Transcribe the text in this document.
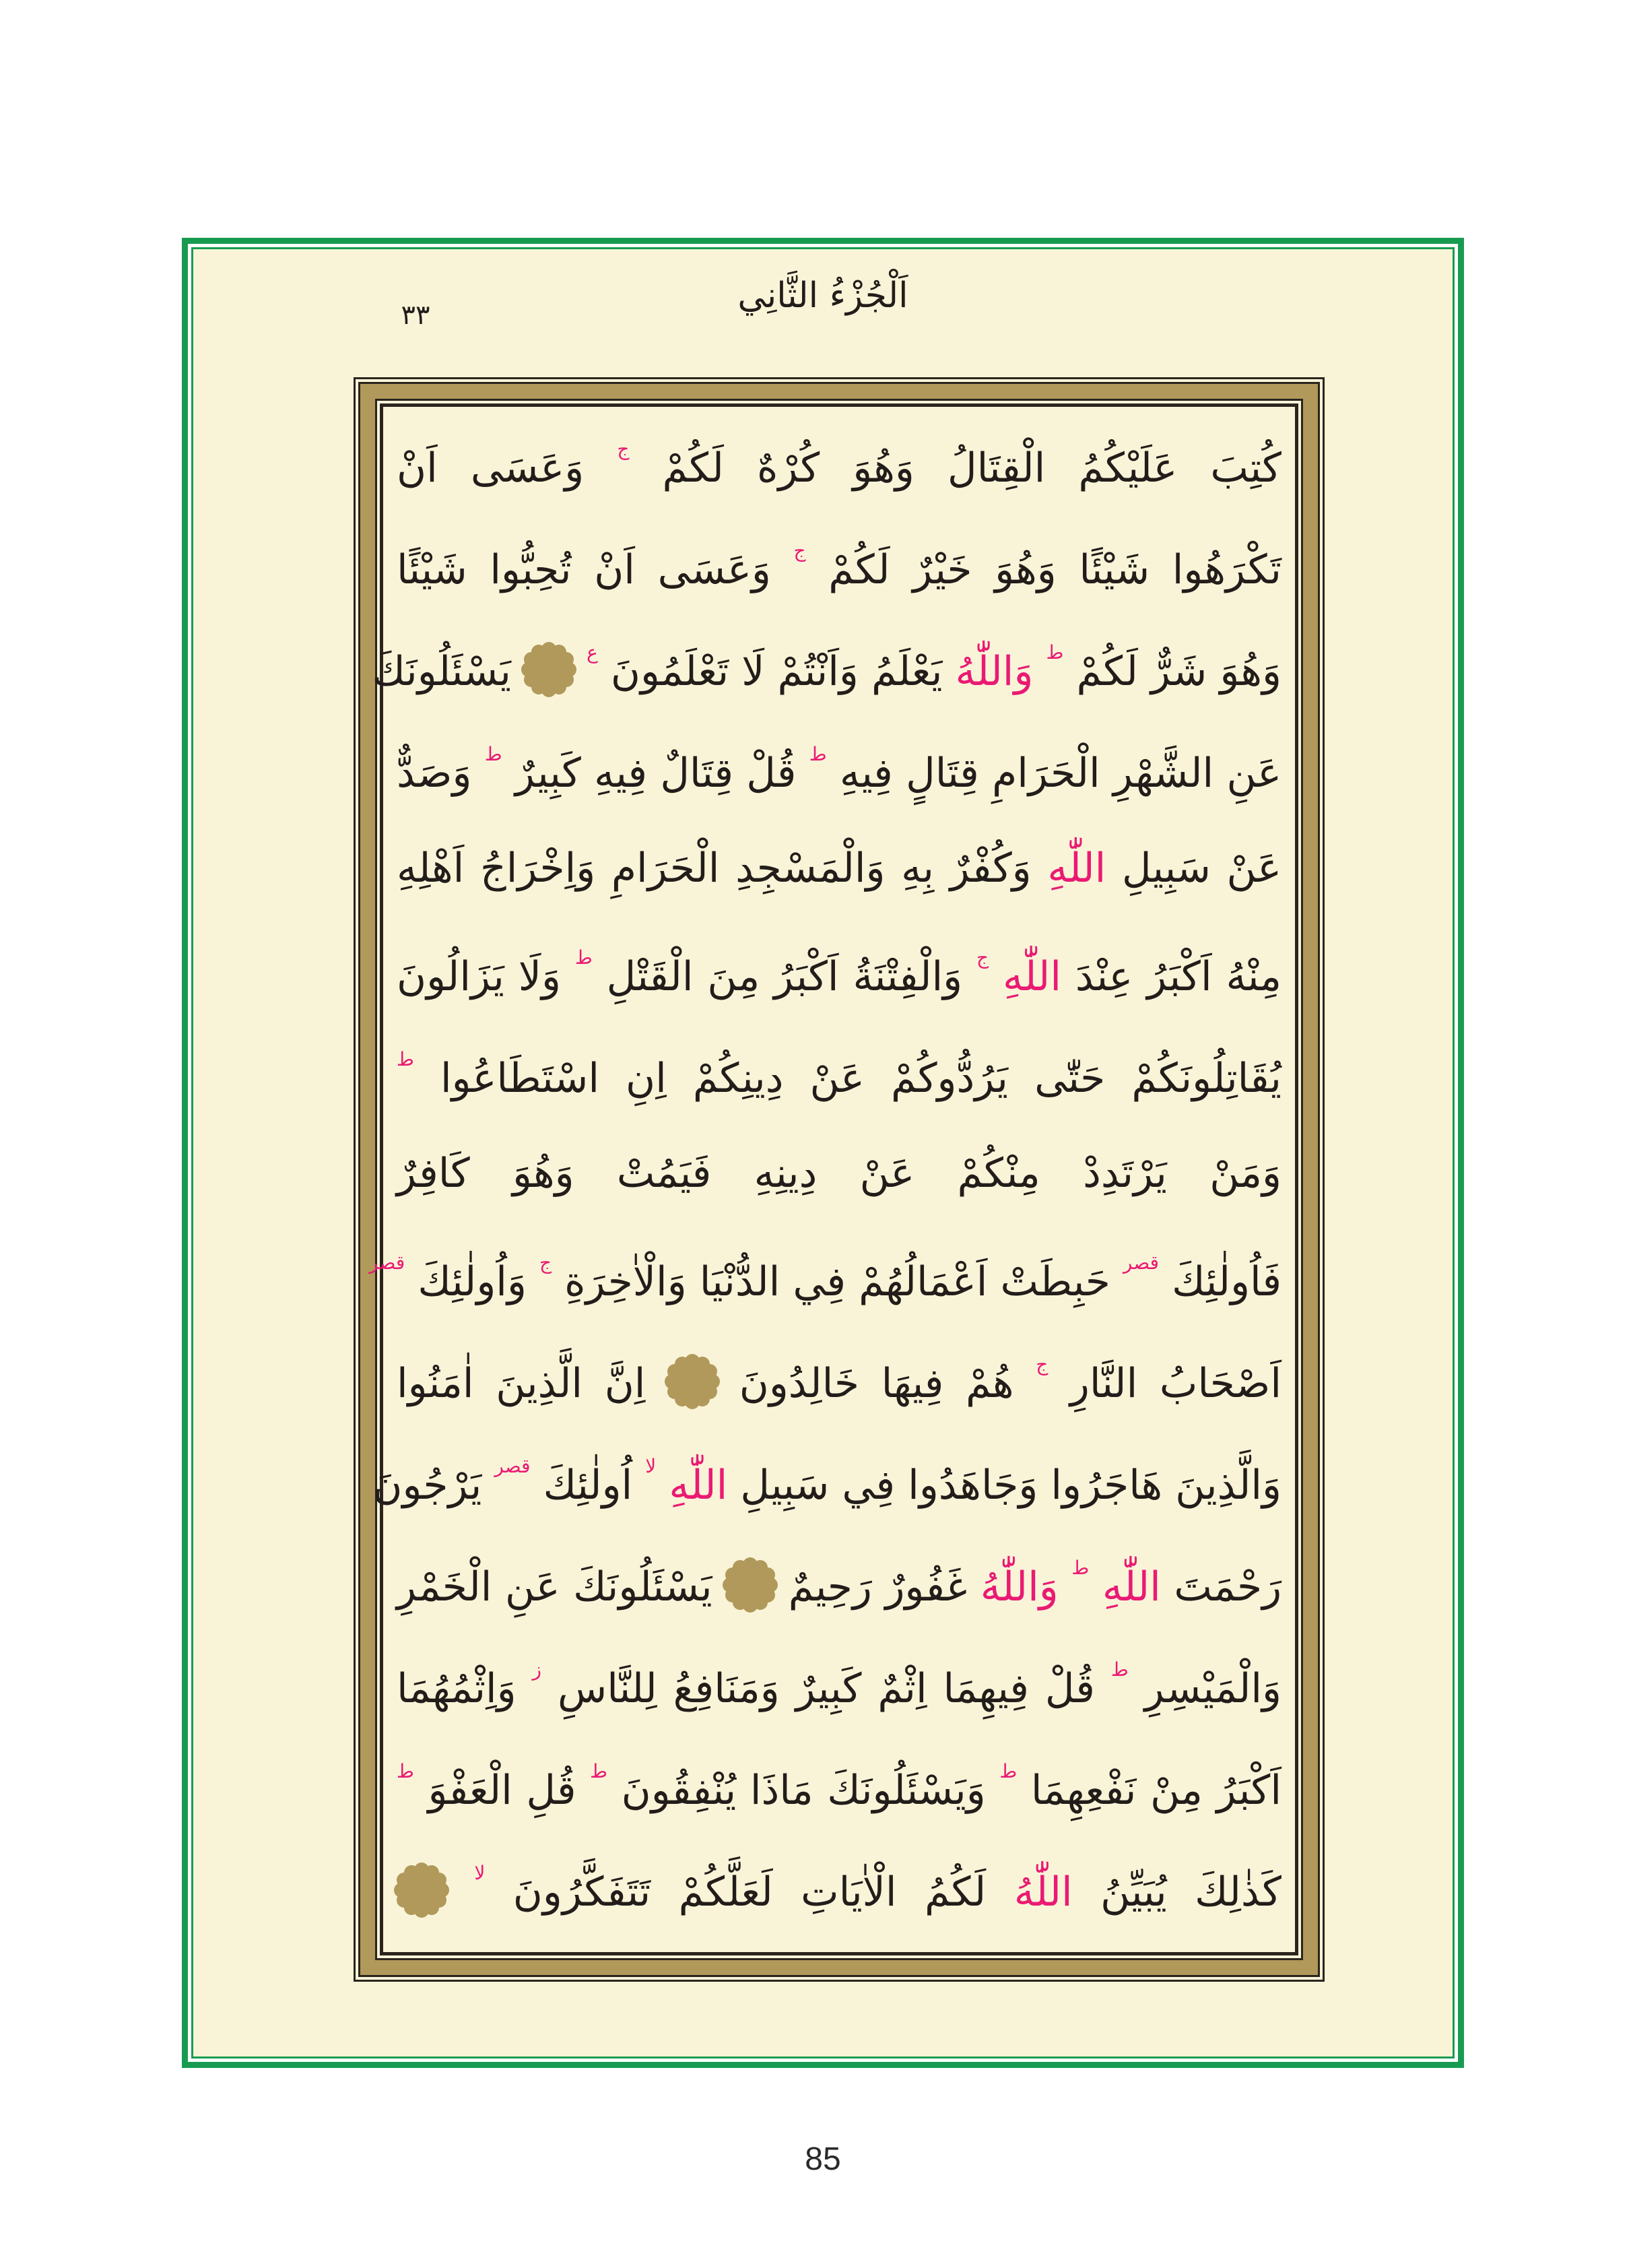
اَلْجُزْءُ الثَّانِي
٣٣
كُتِبَ عَلَيْكُمُ الْقِتَالُ وَهُوَ كُرْهٌ لَكُمْ $^ج$ وَعَسَى اَنْ
تَكْرَهُوا شَيْئًا وَهُوَ خَيْرٌ لَكُمْ $^ج$ وَعَسَى اَنْ تُحِبُّوا شَيْئًا
وَهُوَ شَرٌّ لَكُمْ $^ط$ وَاللّٰهُ يَعْلَمُ وَاَنْتُمْ لَا تَعْلَمُونَ $^ع$ ٢١٦ يَسْئَلُونَكَ
عَنِ الشَّهْرِ الْحَرَامِ قِتَالٍ فِيهِ $^ط$ قُلْ قِتَالٌ فِيهِ كَبِيرٌ $^ط$ وَصَدٌّ
عَنْ سَبِيلِ اللّٰهِ وَكُفْرٌ بِهِ وَالْمَسْجِدِ الْحَرَامِ وَاِخْرَاجُ اَهْلِهِ
مِنْهُ اَكْبَرُ عِنْدَ اللّٰهِ $^ج$ وَالْفِتْنَةُ اَكْبَرُ مِنَ الْقَتْلِ $^ط$ وَلَا يَزَالُونَ
يُقَاتِلُونَكُمْ حَتّٰى يَرُدُّوكُمْ عَنْ دِينِكُمْ اِنِ اسْتَطَاعُوا $^ط$
وَمَنْ يَرْتَدِدْ مِنْكُمْ عَنْ دِينِهِ فَيَمُتْ وَهُوَ كَافِرٌ
فَاُولٰئِكَ $^{قصر}$ حَبِطَتْ اَعْمَالُهُمْ فِي الدُّنْيَا وَالْاٰخِرَةِ $^ج$ وَاُولٰئِكَ $^{قصر}$
اَصْحَابُ النَّارِ $^ج$ هُمْ فِيهَا خَالِدُونَ ٢١٧ اِنَّ الَّذِينَ اٰمَنُوا
وَالَّذِينَ هَاجَرُوا وَجَاهَدُوا فِي سَبِيلِ اللّٰهِ $^{لا}$ اُولٰئِكَ $^{قصر}$ يَرْجُونَ
رَحْمَتَ اللّٰهِ $^ط$ وَاللّٰهُ غَفُورٌ رَحِيمٌ ٢١٨ يَسْئَلُونَكَ عَنِ الْخَمْرِ
وَالْمَيْسِرِ $^ط$ قُلْ فِيهِمَا اِثْمٌ كَبِيرٌ وَمَنَافِعُ لِلنَّاسِ $^ز$ وَاِثْمُهُمَا
اَكْبَرُ مِنْ نَفْعِهِمَا $^ط$ وَيَسْئَلُونَكَ مَاذَا يُنْفِقُونَ $^ط$ قُلِ الْعَفْوَ $^ط$
كَذٰلِكَ يُبَيِّنُ اللّٰهُ لَكُمُ الْاٰيَاتِ لَعَلَّكُمْ تَتَفَكَّرُونَ $^{لا}$ ٢١٩
85
